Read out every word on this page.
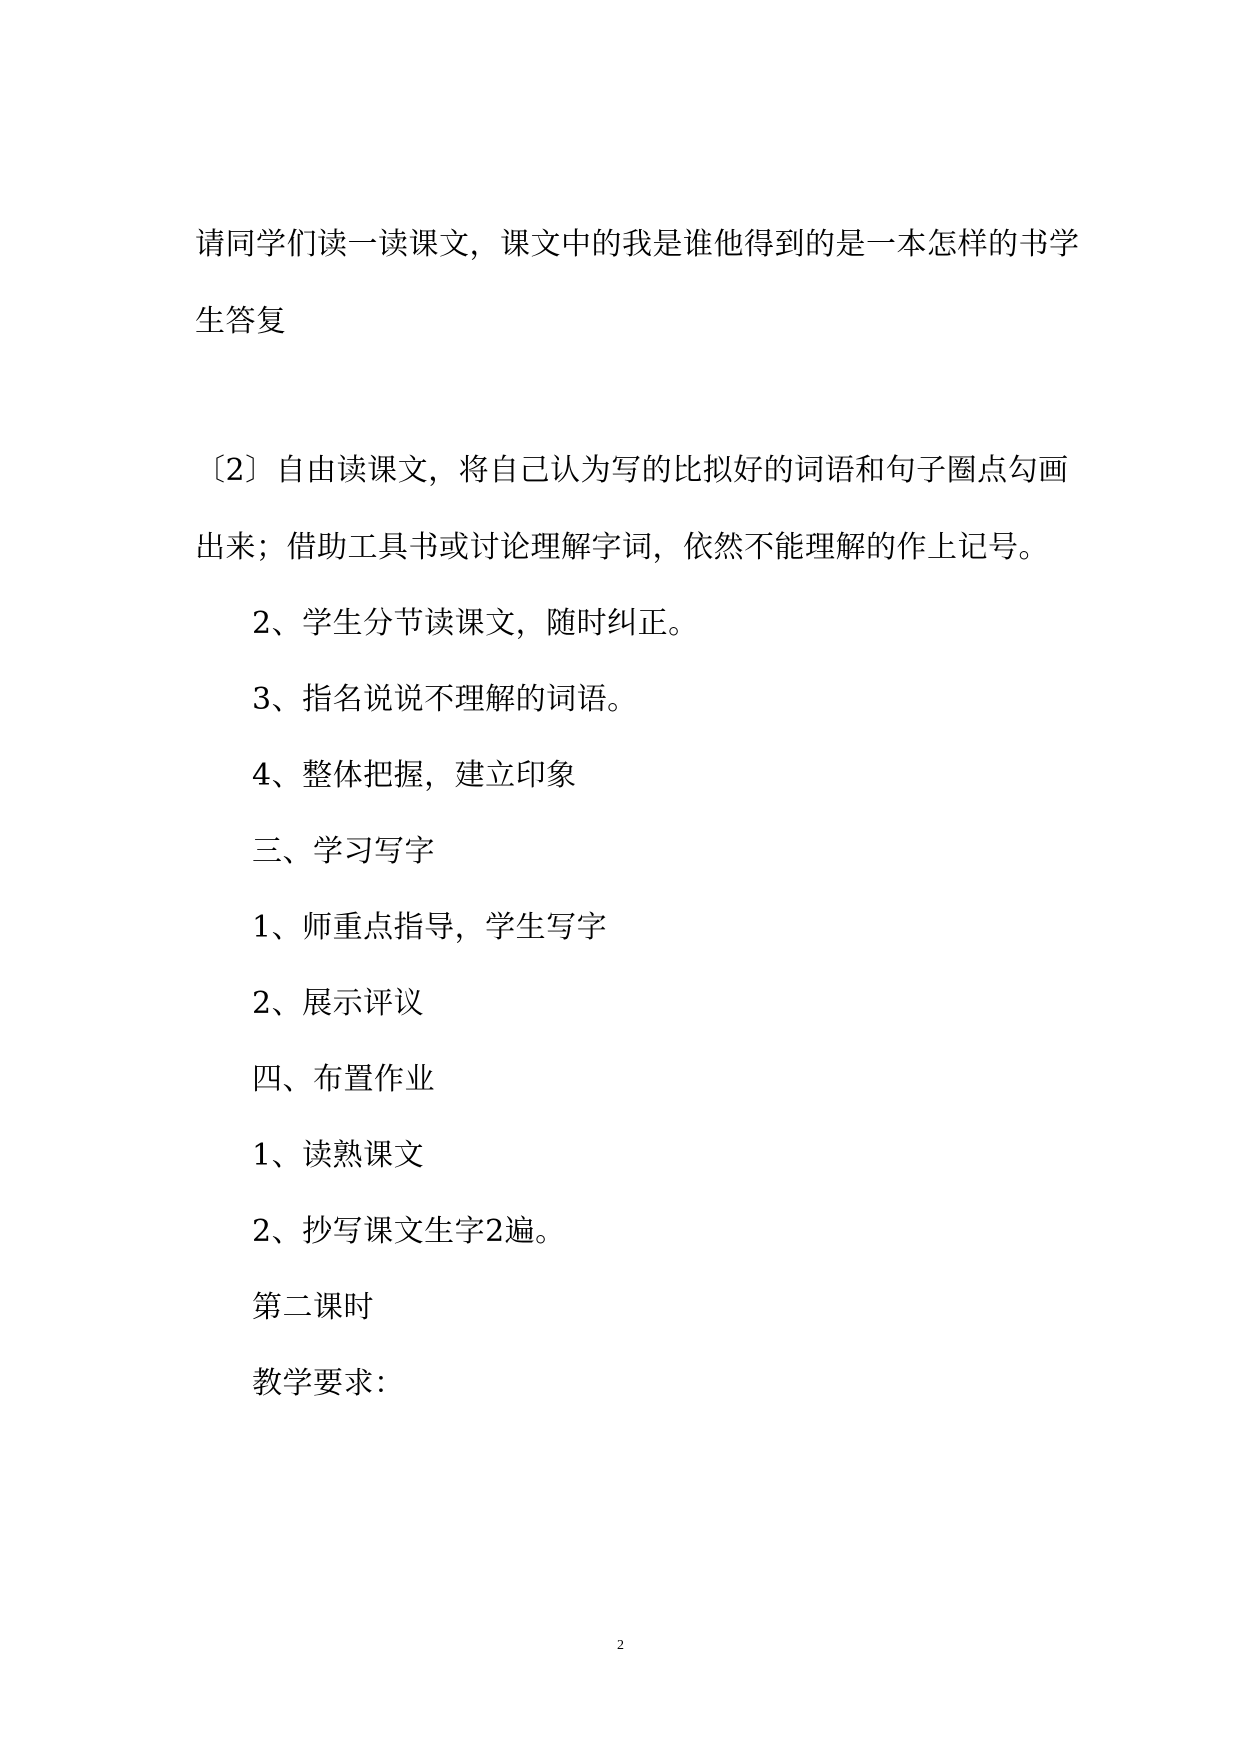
请同学们读一读课文，课文中的我是谁他得到的是一本怎样的书学
生答复
〔2〕自由读课文，将自己认为写的比拟好的词语和句子圈点勾画
出来；借助工具书或讨论理解字词，依然不能理解的作上记号。
2、学生分节读课文，随时纠正。
3、指名说说不理解的词语。
4、整体把握，建立印象
三、学习写字
1、师重点指导，学生写字
2、展示评议
四、布置作业
1、读熟课文
2、抄写课文生字2遍。
第二课时
教学要求：
2
